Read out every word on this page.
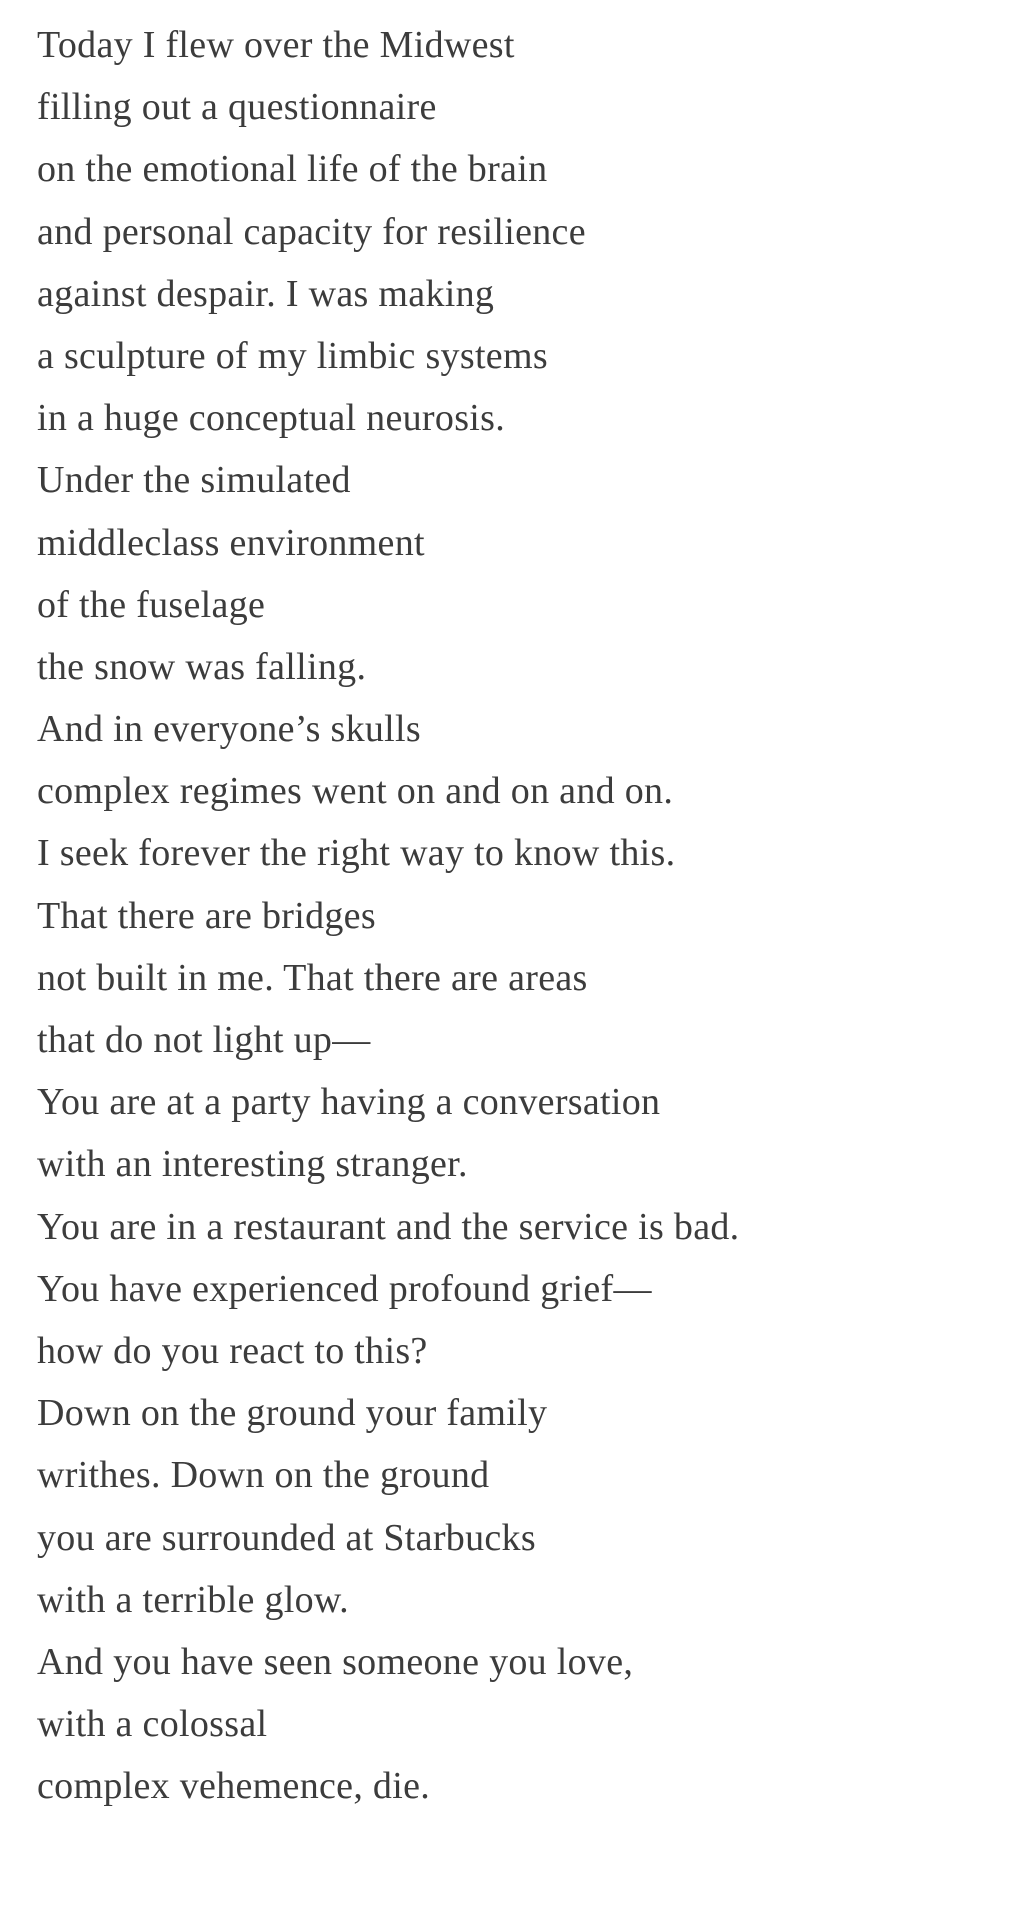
Today I flew over the Midwest
filling out a questionnaire
on the emotional life of the brain
and personal capacity for resilience
against despair. I was making
a sculpture of my limbic systems
in a huge conceptual neurosis.
Under the simulated
middleclass environment
of the fuselage
the snow was falling.
And in everyone’s skulls
complex regimes went on and on and on.
I seek forever the right way to know this.
That there are bridges
not built in me. That there are areas
that do not light up—
You are at a party having a conversation
with an interesting stranger.
You are in a restaurant and the service is bad.
You have experienced profound grief—
how do you react to this?
Down on the ground your family
writhes. Down on the ground
you are surrounded at Starbucks
with a terrible glow.
And you have seen someone you love,
with a colossal
complex vehemence, die.
